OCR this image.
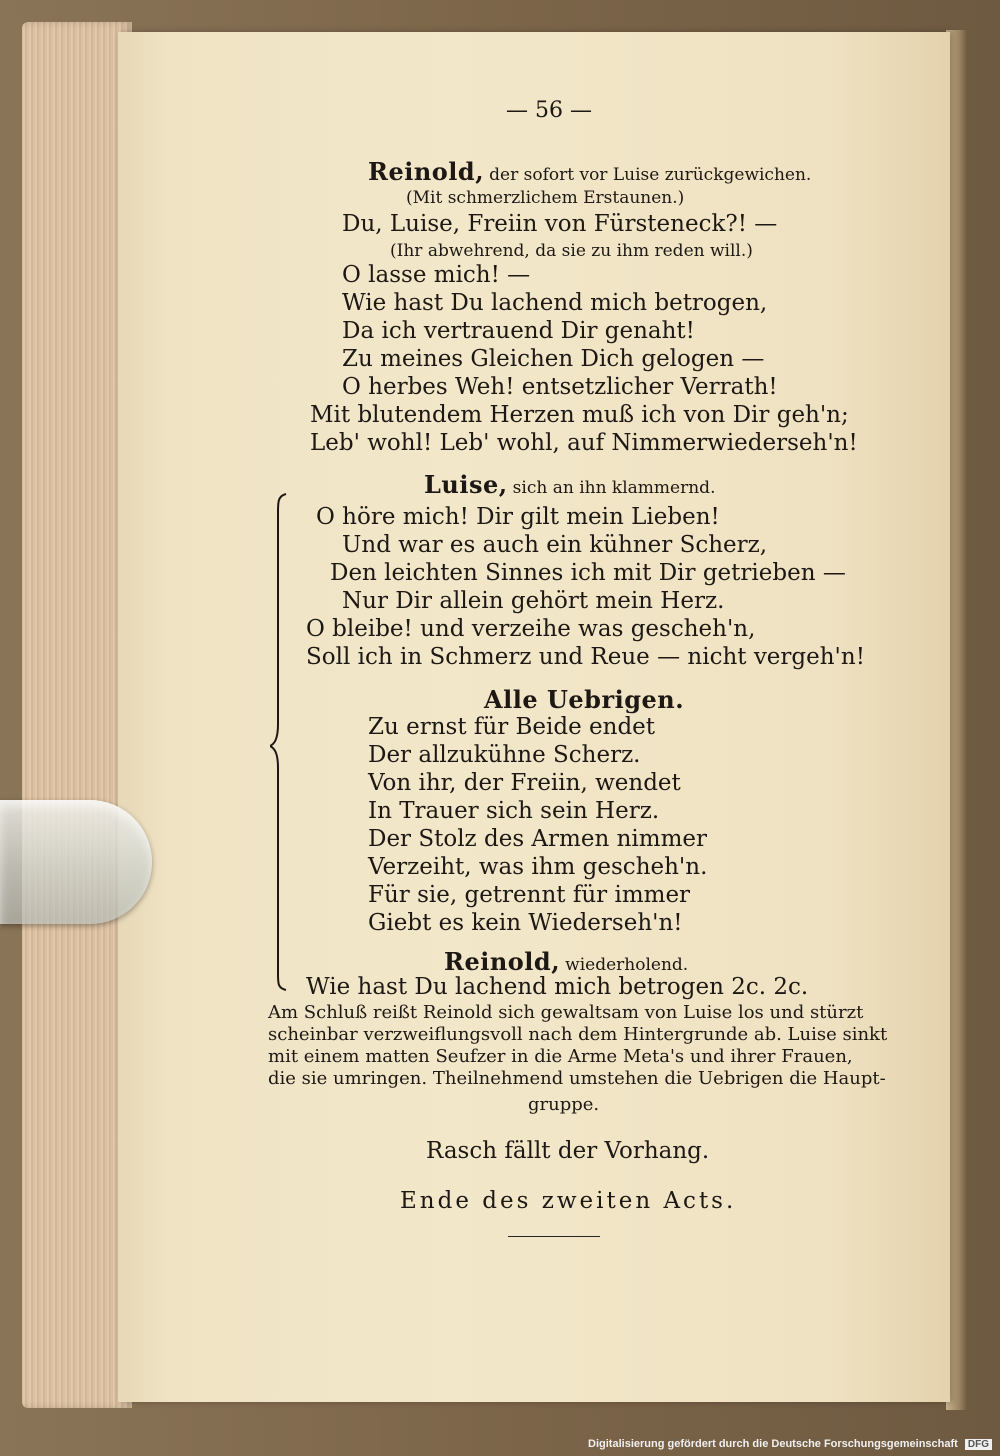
— 56 —
Reinold, der sofort vor Luise zurückgewichen.
(Mit schmerzlichem Erstaunen.)
Du, Luise, Freiin von Fürsteneck?! —
(Ihr abwehrend, da sie zu ihm reden will.)
O lasse mich! —
Wie hast Du lachend mich betrogen,
Da ich vertrauend Dir genaht!
Zu meines Gleichen Dich gelogen —
O herbes Weh! entsetzlicher Verrath!
Mit blutendem Herzen muß ich von Dir geh'n;
Leb' wohl! Leb' wohl, auf Nimmerwiederseh'n!
Luise, sich an ihn klammernd.
O höre mich! Dir gilt mein Lieben!
Und war es auch ein kühner Scherz,
Den leichten Sinnes ich mit Dir getrieben —
Nur Dir allein gehört mein Herz.
O bleibe! und verzeihe was gescheh'n,
Soll ich in Schmerz und Reue — nicht vergeh'n!
Alle Uebrigen.
Zu ernst für Beide endet
Der allzukühne Scherz.
Von ihr, der Freiin, wendet
In Trauer sich sein Herz.
Der Stolz des Armen nimmer
Verzeiht, was ihm gescheh'n.
Für sie, getrennt für immer
Giebt es kein Wiederseh'n!
Reinold, wiederholend.
Wie hast Du lachend mich betrogen 2c. 2c.
Am Schluß reißt Reinold sich gewaltsam von Luise los und stürzt
scheinbar verzweiflungsvoll nach dem Hintergrunde ab. Luise sinkt
mit einem matten Seufzer in die Arme Meta's und ihrer Frauen,
die sie umringen. Theilnehmend umstehen die Uebrigen die Haupt-
gruppe.
Rasch fällt der Vorhang.
Ende des zweiten Acts.
Digitalisierung gefördert durch die Deutsche Forschungsgemeinschaft DFG
